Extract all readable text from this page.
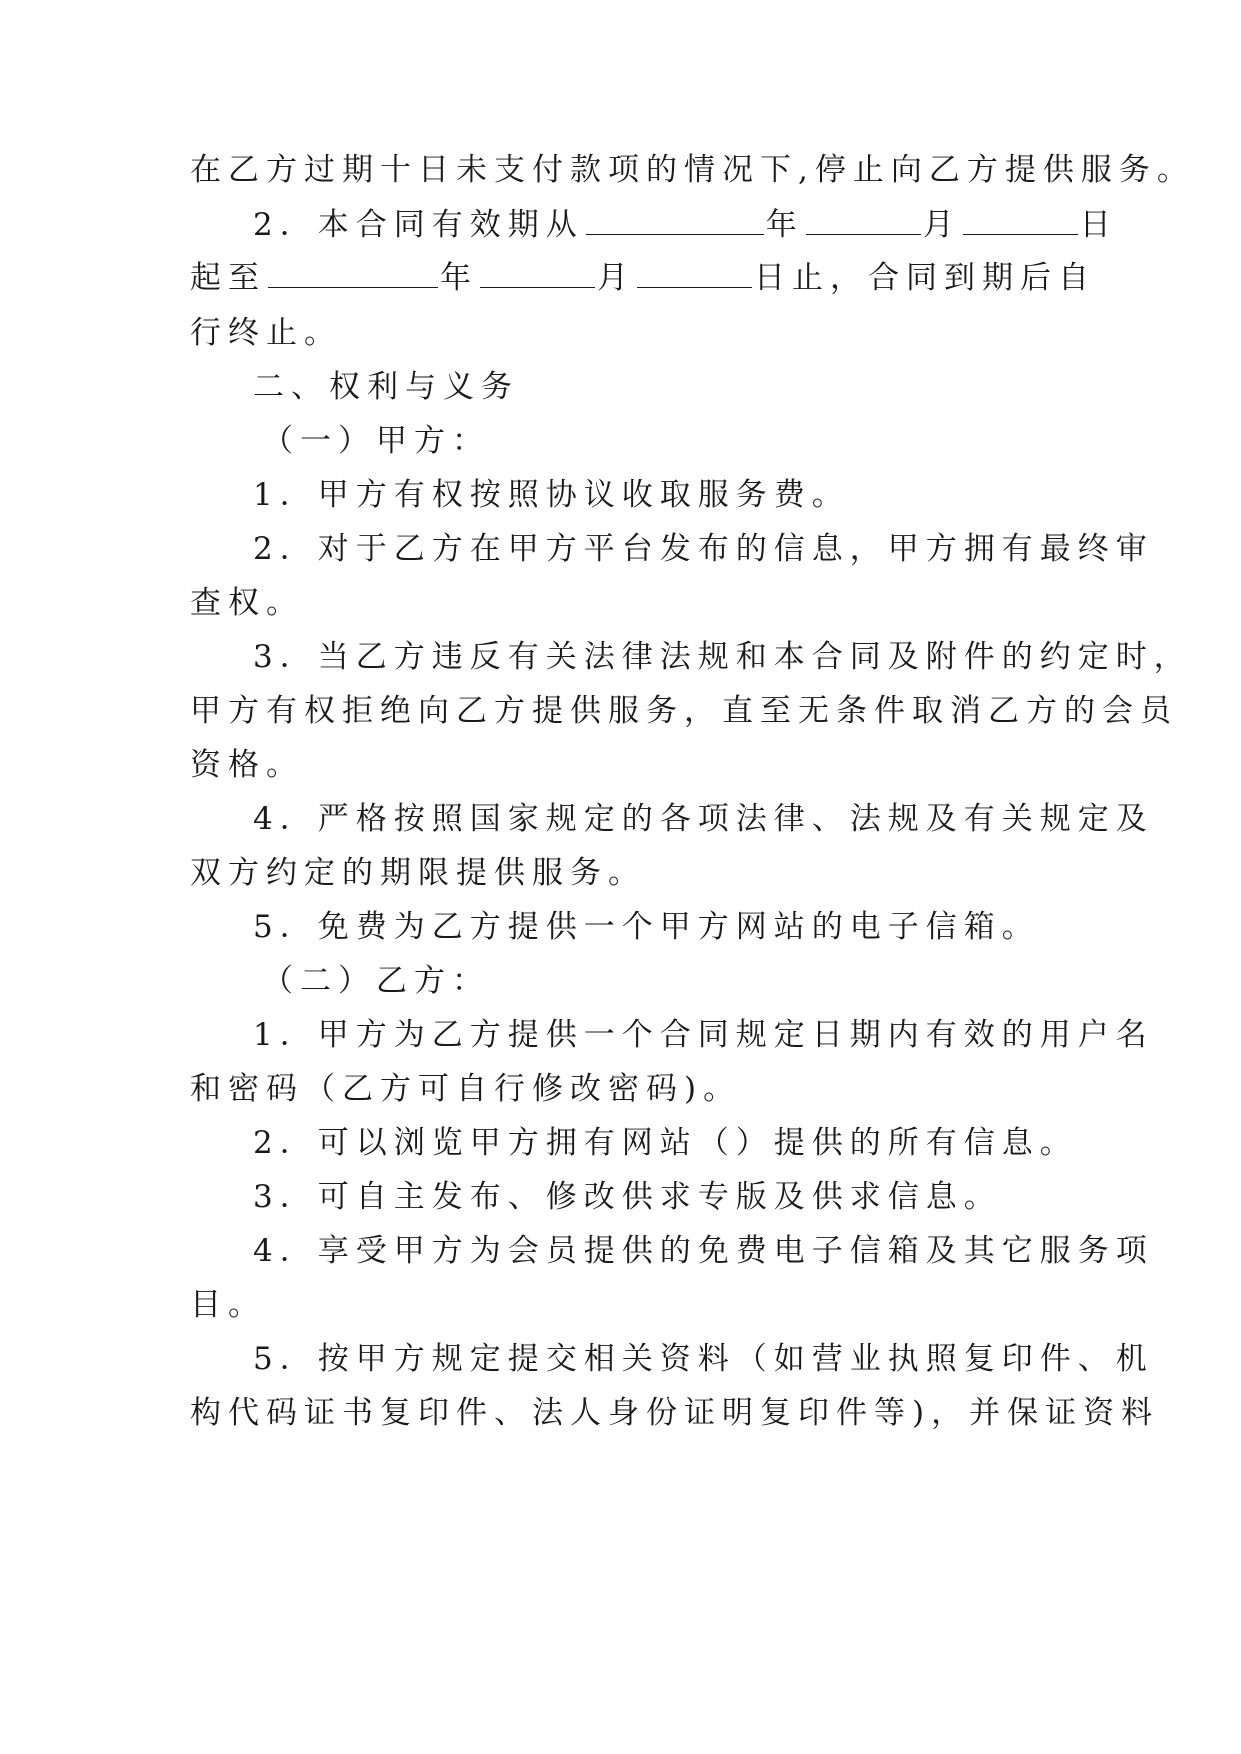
在乙方过期十日未支付款项的情况下,停止向乙方提供服务。
2．本合同有效期从	年	月	日
起至	年	月	日止，合同到期后自
行终止。
二、权利与义务
（一）甲方：
1．甲方有权按照协议收取服务费。
2．对于乙方在甲方平台发布的信息，甲方拥有最终审
查权。
3．当乙方违反有关法律法规和本合同及附件的约定时，
甲方有权拒绝向乙方提供服务，直至无条件取消乙方的会员
资格。
4．严格按照国家规定的各项法律、法规及有关规定及
双方约定的期限提供服务。
5．免费为乙方提供一个甲方网站的电子信箱。
（二）乙方：
1．甲方为乙方提供一个合同规定日期内有效的用户名
和密码（乙方可自行修改密码)。
2．可以浏览甲方拥有网站（）提供的所有信息。
3．可自主发布、修改供求专版及供求信息。
4．享受甲方为会员提供的免费电子信箱及其它服务项
目。
5．按甲方规定提交相关资料（如营业执照复印件、机
构代码证书复印件、法人身份证明复印件等)，并保证资料
